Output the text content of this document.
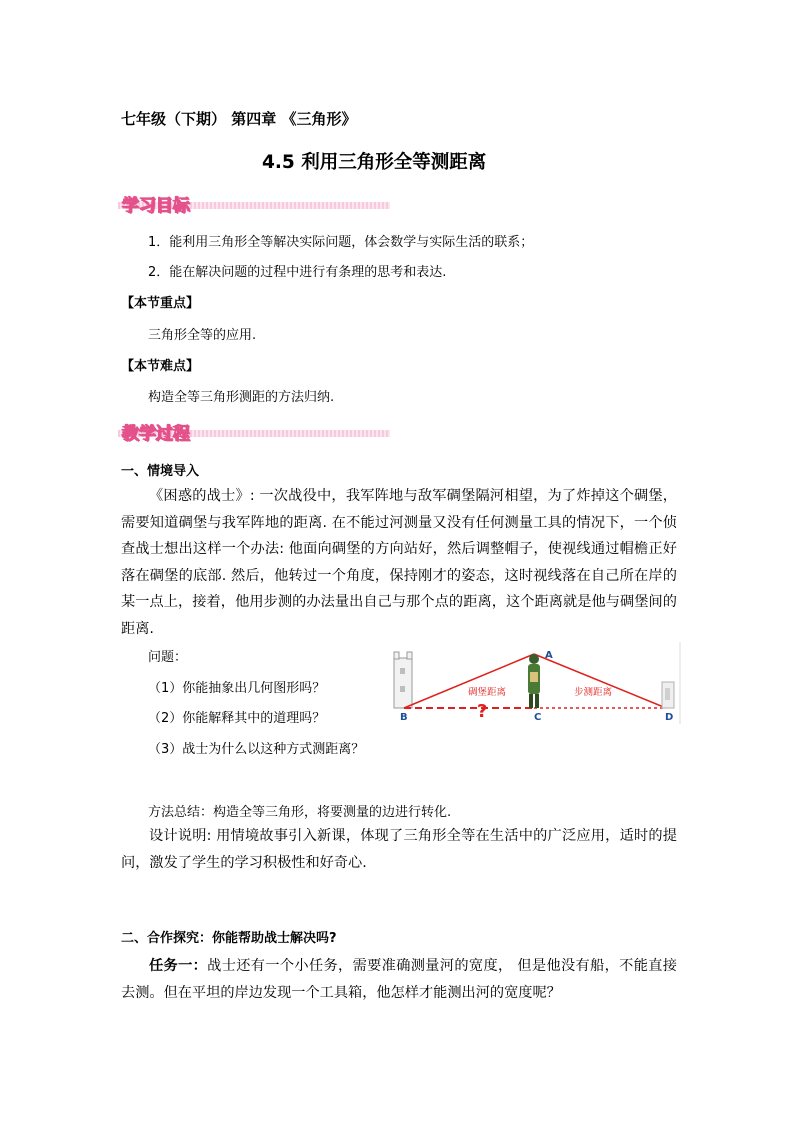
七年级（下期） 第四章 《三角形》
4.5 利用三角形全等测距离
学习目标
1．能利用三角形全等解决实际问题，体会数学与实际生活的联系；
2．能在解决问题的过程中进行有条理的思考和表达.
【本节重点】
三角形全等的应用.
【本节难点】
构造全等三角形测距的方法归纳.
教学过程
一、情境导入
《困惑的战士》: 一次战役中，我军阵地与敌军碉堡隔河相望，为了炸掉这个碉堡，需要知道碉堡与我军阵地的距离. 在不能过河测量又没有任何测量工具的情况下，一个侦查战士想出这样一个办法: 他面向碉堡的方向站好，然后调整帽子，使视线通过帽檐正好落在碉堡的底部. 然后，他转过一个角度，保持刚才的姿态，这时视线落在自己所在岸的某一点上，接着，他用步测的办法量出自己与那个点的距离，这个距离就是他与碉堡间的距离.
问题：
（1）你能抽象出几何图形吗？
（2）你能解释其中的道理吗？
（3）战士为什么以这种方式测距离？
A
B	C	D
碉堡距离	步测距离
?
方法总结：构造全等三角形，将要测量的边进行转化.
设计说明: 用情境故事引入新课，体现了三角形全等在生活中的广泛应用，适时的提问，激发了学生的学习积极性和好奇心.
二、合作探究：你能帮助战士解决吗?
任务一：战士还有一个小任务，需要准确测量河的宽度， 但是他没有船，不能直接去测。但在平坦的岸边发现一个工具箱，他怎样才能测出河的宽度呢？
